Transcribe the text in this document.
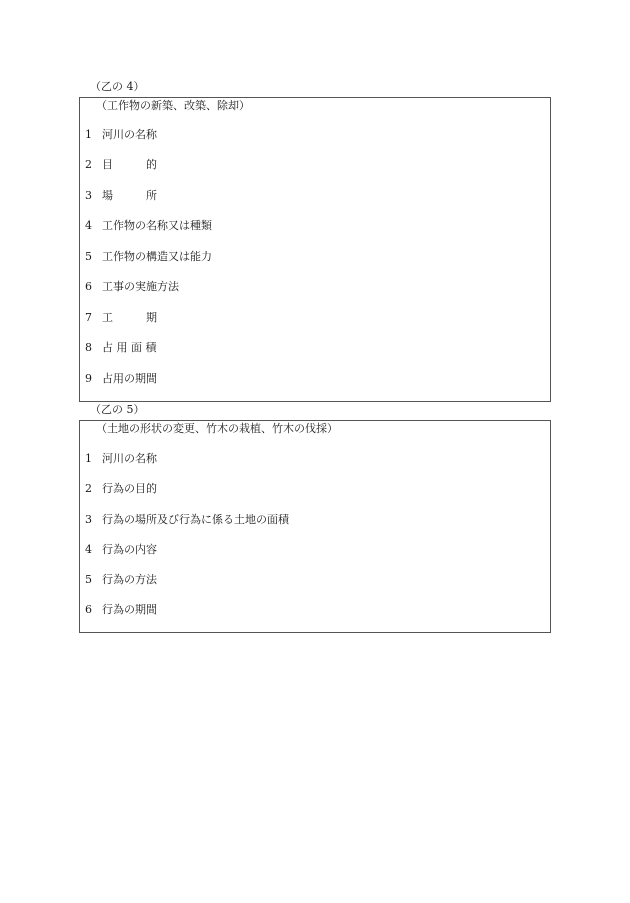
（乙の 4）
（工作物の新築、改築、除却）
1 河川の名称
2 目　　　的
3 場　　　所
4 工作物の名称又は種類
5 工作物の構造又は能力
6 工事の実施方法
7 工　　　期
8 占 用 面 積
9 占用の期間
（乙の 5）
（土地の形状の変更、竹木の栽植、竹木の伐採）
1 河川の名称
2 行為の目的
3 行為の場所及び行為に係る土地の面積
4 行為の内容
5 行為の方法
6 行為の期間
